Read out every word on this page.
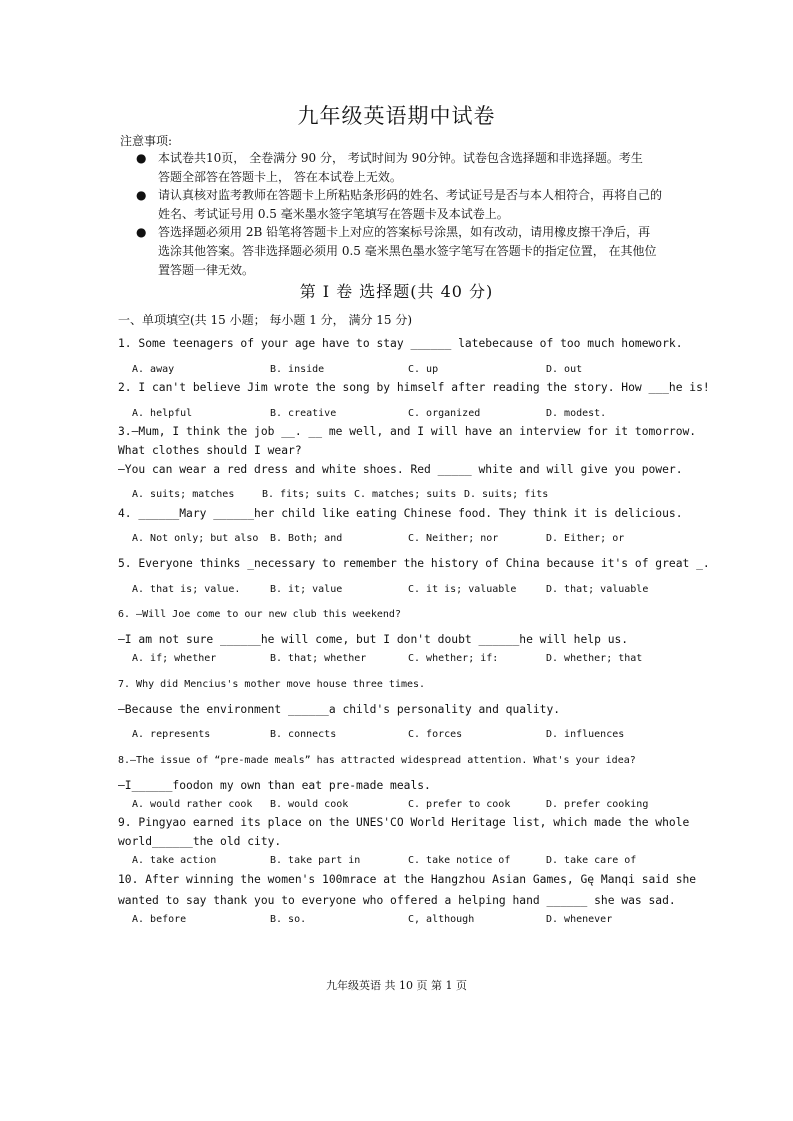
九年级英语期中试卷
注意事项:
● 本试卷共10页， 全卷满分 90 分， 考试时间为 90分钟。试卷包含选择题和非选择题。考生
答题全部答在答题卡上， 答在本试卷上无效。
● 请认真核对监考教师在答题卡上所粘贴条形码的姓名、考试证号是否与本人相符合，再将自己的
姓名、考试证号用 0.5 毫米墨水签字笔填写在答题卡及本试卷上。
● 答选择题必须用 2B 铅笔将答题卡上对应的答案标号涂黑，如有改动，请用橡皮擦干净后，再
选涂其他答案。答非选择题必须用 0.5 毫米黑色墨水签字笔写在答题卡的指定位置， 在其他位
置答题一律无效。
第 I 卷 选择题(共 40 分)
一、单项填空(共 15 小题； 每小题 1 分， 满分 15 分)
1. Some teenagers of your age have to stay ______ latebecause of too much homework.
A. away	B. inside	C. up	D. out
2. I can't believe Jim wrote the song by himself after reading the story. How ___he is!
A. helpful	B. creative	C. organized	D. modest.
3.—Mum, I think the job __. __ me well, and I will have an interview for it tomorrow.
What clothes should I wear?
—You can wear a red dress and white shoes. Red _____ white and will give you power.
A. suits; matches	B. fits; suits C. matches; suits D. suits; fits
4. ______Mary ______her child like eating Chinese food. They think it is delicious.
A. Not only; but also B. Both; and	C. Neither; nor	D. Either; or
5. Everyone thinks _necessary to remember the history of China because it's of great _.
A. that is; value.	B. it; value	C. it is; valuable	D. that; valuable
6. —Will Joe come to our new club this weekend?
—I am not sure ______he will come, but I don't doubt ______he will help us.
A. if; whether	B. that; whether	C. whether; if:	D. whether; that
7. Why did Mencius's mother move house three times.
—Because the environment ______a child's personality and quality.
A. represents	B. connects	C. forces	D. influences
8.—The issue of “pre-made meals” has attracted widespread attention. What's your idea?
—I______foodon my own than eat pre-made meals.
A. would rather cook B. would cook	C. prefer to cook	D. prefer cooking
9. Pingyao earned its place on the UNES'CO World Heritage list, which made the whole
world______the old city.
A. take action	B. take part in	C. take notice of	D. take care of
10. After winning the women's 100mrace at the Hangzhou Asian Games, Gę Manqi said she
wanted to say thank you to everyone who offered a helping hand ______ she was sad.
A. before	B. so.	C, although	D. whenever
九年级英语 共 10 页 第 1 页
